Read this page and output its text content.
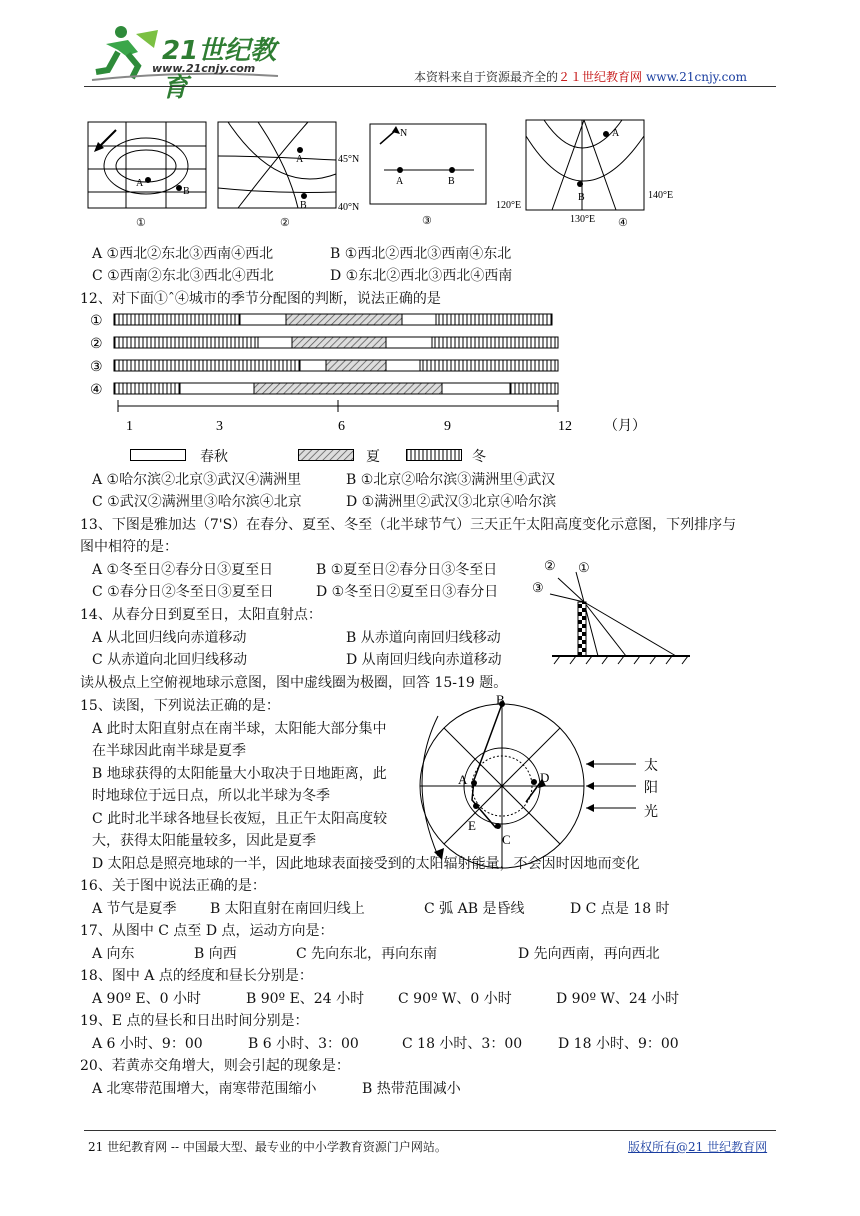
21世纪教育
www.21cnjy.com
本资料来自于资源最齐全的２１世纪教育网 www.21cnjy.com
A
B
①
A
B
45°N
40°N
②
N
A	B
③
A
B
120°E
130°E
140°E
④
A ①西北②东北③西南④西北	B ①西北②西北③西南④东北
C ①西南②东北③西北④西北	D ①东北②西北③西北④西南
12、对下面①ˆ④城市的季节分配图的判断，说法正确的是
①
②
③
④
1	3	6	9	12 （月）
春秋	夏	冬
A ①哈尔滨②北京③武汉④满洲里	B ①北京②哈尔滨③满洲里④武汉
C ①武汉②满洲里③哈尔滨④北京	D ①满洲里②武汉③北京④哈尔滨
13、下图是雅加达（7'S）在春分、夏至、冬至（北半球节气）三天正午太阳高度变化示意图，下列排序与
图中相符的是：
A ①冬至日②春分日③夏至日	B ①夏至日②春分日③冬至日
C ①春分日②冬至日③夏至日	D ①冬至日②夏至日③春分日
② ①
③
14、从春分日到夏至日，太阳直射点：
A 从北回归线向赤道移动	B 从赤道向南回归线移动
C 从赤道向北回归线移动	D 从南回归线向赤道移动
读从极点上空俯视地球示意图，图中虚线圈为极圈，回答 15-19 题。
15、读图，下列说法正确的是：
A 此时太阳直射点在南半球，太阳能大部分集中
在半球因此南半球是夏季
B 地球获得的太阳能量大小取决于日地距离，此
时地球位于远日点，所以北半球为冬季
C 此时北半球各地昼长夜短，且正午太阳高度较
大，获得太阳能量较多，因此是夏季
D 太阳总是照亮地球的一半，因此地球表面接受到的太阳辐射能量，不会因时因地而变化
B
A	D
E
C
太
阳
光
16、关于图中说法正确的是：
A 节气是夏季 B 太阳直射在南回归线上	C 弧 AB 是昏线	D C 点是 18 时
17、从图中 C 点至 D 点，运动方向是：
A 向东	B 向西	C 先向东北，再向东南	D 先向西南，再向西北
18、图中 A 点的经度和昼长分别是：
A 90º E、0 小时	B 90º E、24 小时 C 90º W、0 小时	D 90º W、24 小时
19、E 点的昼长和日出时间分别是：
A 6 小时、9：00	B 6 小时、3：00	C 18 小时、3：00	D 18 小时、9：00
20、若黄赤交角增大，则会引起的现象是：
A 北寒带范围增大，南寒带范围缩小	B 热带范围减小
21 世纪教育网 -- 中国最大型、最专业的中小学教育资源门户网站。	版权所有@21 世纪教育网
